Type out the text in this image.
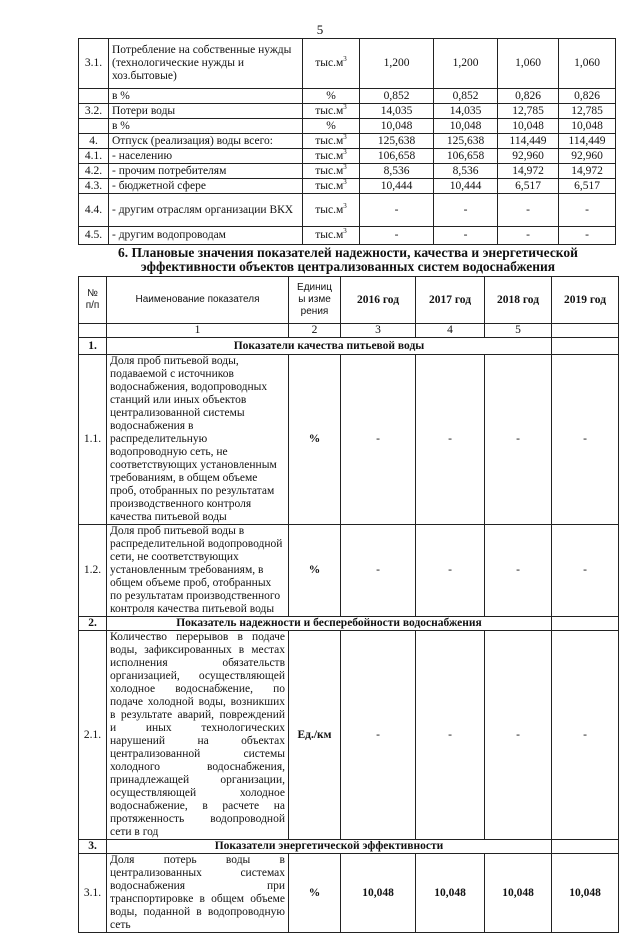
5
3.1.	Потребление на собственные нужды (технологические нужды и хоз.бытовые)	$тыс.м^3$	1,200	1,200	1,060	1,060
	в %	%	0,852	0,852	0,826	0,826
3.2.	Потери воды	$тыс.м^3$	14,035	14,035	12,785	12,785
	в %	%	10,048	10,048	10,048	10,048
4.	Отпуск (реализация) воды всего:	$тыс.м^3$	125,638	125,638	114,449	114,449
4.1.	- населению	$тыс.м^3$	106,658	106,658	92,960	92,960
4.2.	- прочим потребителям	$тыс.м^3$	8,536	8,536	14,972	14,972
4.3.	- бюджетной сфере	$тыс.м^3$	10,444	10,444	6,517	6,517
4.4.	- другим отраслям организации ВКХ	$тыс.м^3$	-	-	-	-
4.5.	- другим водопроводам	$тыс.м^3$	-	-	-	-
6. Плановые значения показателей надежности, качества и энергетической
эффективности объектов централизованных систем водоснабжения
№ п/п	Наименование показателя	Единицы измерения	2016 год	2017 год	2018 год	2019 год
	1	2	3	4	5	
1.	Показатели качества питьевой воды					
1.1.	Доля проб питьевой воды, подаваемой с источников водоснабжения, водопроводных станций или иных объектов централизованной системы водоснабжения в распределительную водопроводную сеть, не соответствующих установленным требованиям, в общем объеме проб, отобранных по результатам производственного контроля качества питьевой воды	%	-	-	-	-
1.2.	Доля проб питьевой воды в распределительной водопроводной сети, не соответствующих установленным требованиям, в общем объеме проб, отобранных по результатам производственного контроля качества питьевой воды	%	-	-	-	-
2.	Показатель надежности и бесперебойности водоснабжения					
2.1.	Количество перерывов в подаче воды, зафиксированных в местах исполнения обязательств организацией, осуществляющей холодное водоснабжение, по подаче холодной воды, возникших в результате аварий, повреждений и иных технологических нарушений на объектах централизованной системы холодного водоснабжения, принадлежащей организации, осуществляющей холодное водоснабжение, в расчете на протяженность водопроводной сети в год	Ед./км	-	-	-	-
3.	Показатели энергетической эффективности					
3.1.	Доля потерь воды в централизованных системах водоснабжения при транспортировке в общем объеме воды, поданной в водопроводную сеть	%	10,048	10,048	10,048	10,048
